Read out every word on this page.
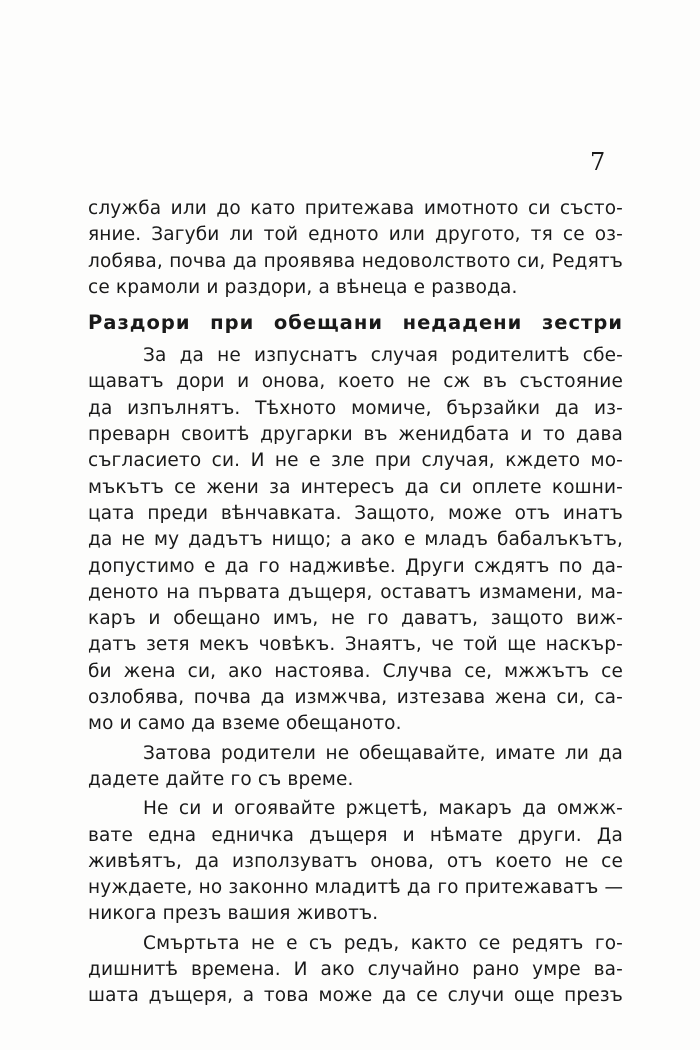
7
служба или до като притежава имотното си състо-
яние. Загуби ли той едното или другото, тя се оз-
лобява, почва да проявява недоволството си, Редятъ
се крамоли и раздори, а вѣнеца е развода.
Раздори при обещани недадени зестри
За да не изпуснатъ случая родителитѣ сбе-
щаватъ дори и онова, което не сж въ състояние
да изпълнятъ. Тѣхното момиче, бързайки да из-
преварн своитѣ другарки въ женидбата и то дава
съгласието си. И не е зле при случая, кждето мо-
мъкътъ се жени за интересъ да си оплете кошни-
цата преди вѣнчавката. Защото, може отъ инатъ
да не му дадътъ нищо; а ако е младъ бабалъкътъ,
допустимо е да го надживѣе. Други сждятъ по да-
деното на първата дъщеря, оставатъ измамени, ма-
каръ и обещано имъ, не го даватъ, защото виж-
датъ зетя мекъ човѣкъ. Знаятъ, че той ще наскър-
би жена си, ако настоява. Случва се, мжжътъ се
озлобява, почва да измжчва, изтезава жена си, са-
мо и само да вземе обещаното.
Затова родители не обещавайте, имате ли да
дадете дайте го съ време.
Не си и огоявайте ржцетѣ, макаръ да омжж-
вате една едничка дъщеря и нѣмате други. Да
живѣятъ, да използуватъ онова, отъ което не се
нуждаете, но законно младитѣ да го притежаватъ —
никога презъ вашия животъ.
Смъртьта не е съ редъ, както се редятъ го-
дишнитѣ времена. И ако случайно рано умре ва-
шата дъщеря, а това може да се случи още презъ
